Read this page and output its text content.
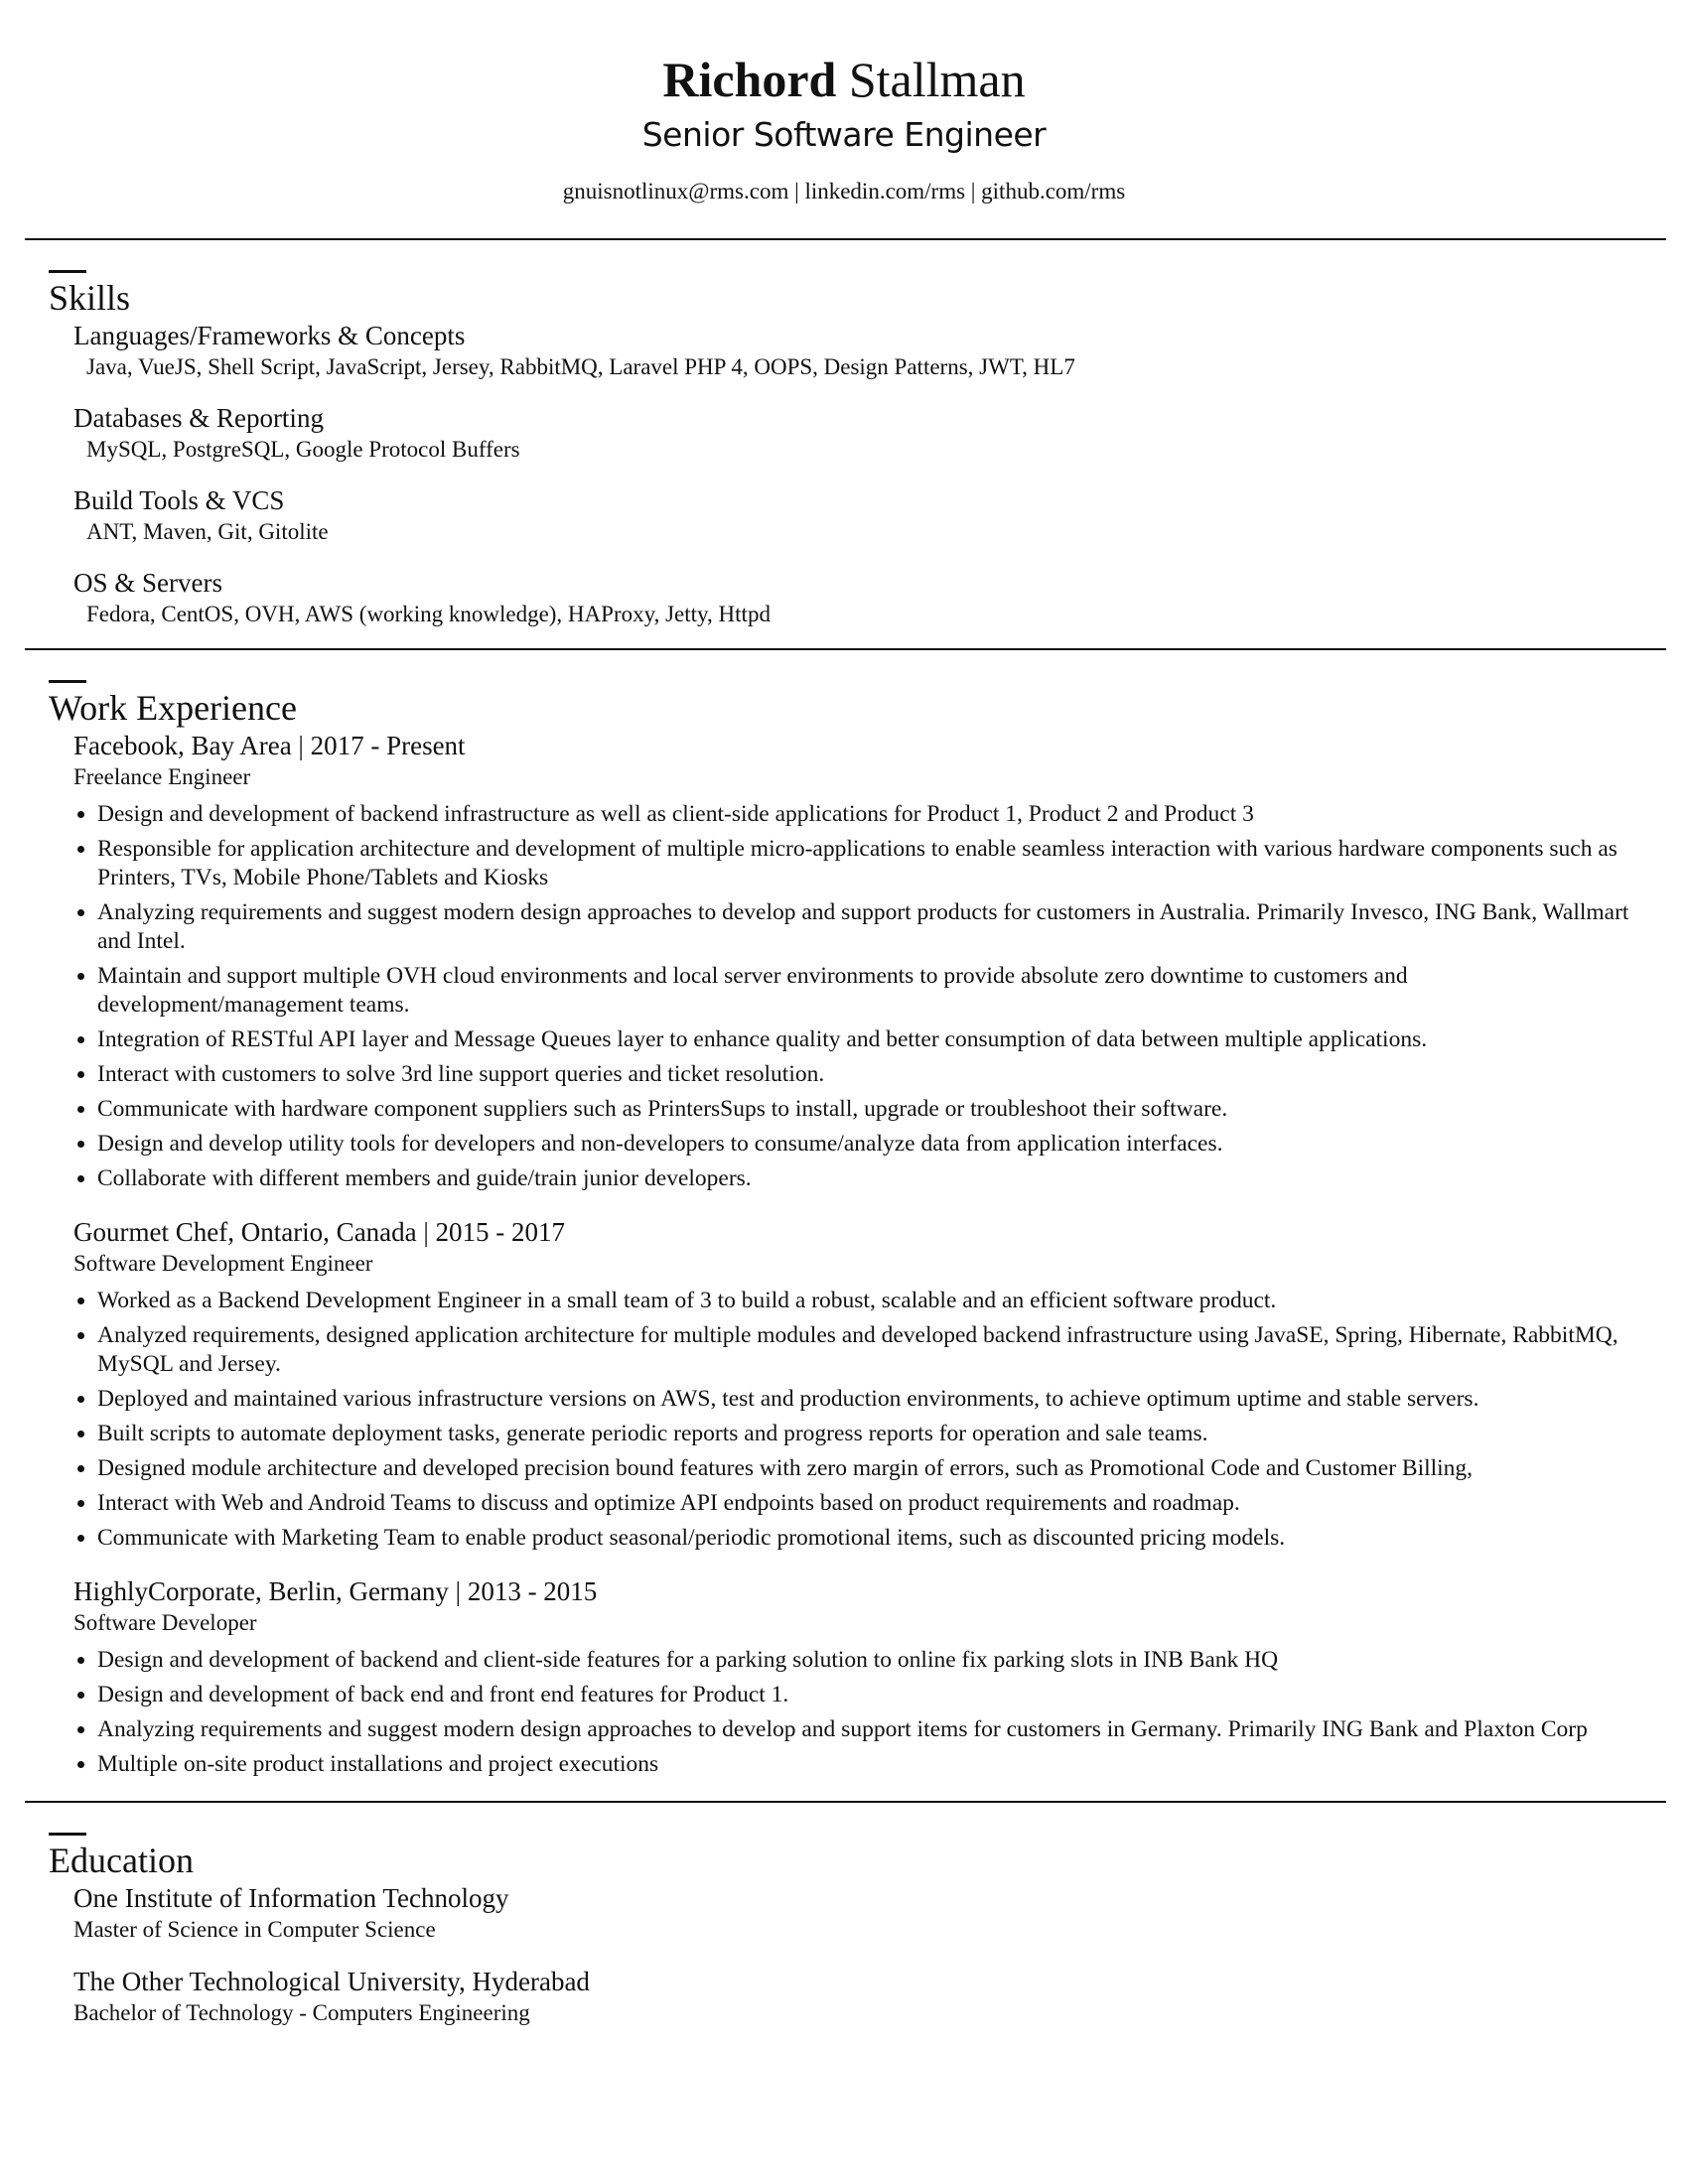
Richord Stallman
Senior Software Engineer
gnuisnotlinux@rms.com | linkedin.com/rms | github.com/rms
Skills
Languages/Frameworks & Concepts
Java, VueJS, Shell Script, JavaScript, Jersey, RabbitMQ, Laravel PHP 4, OOPS, Design Patterns, JWT, HL7
Databases & Reporting
MySQL, PostgreSQL, Google Protocol Buffers
Build Tools & VCS
ANT, Maven, Git, Gitolite
OS & Servers
Fedora, CentOS, OVH, AWS (working knowledge), HAProxy, Jetty, Httpd
Work Experience
Facebook, Bay Area | 2017 - Present
Freelance Engineer
• Design and development of backend infrastructure as well as client-side applications for Product 1, Product 2 and Product 3
• Responsible for application architecture and development of multiple micro-applications to enable seamless interaction with various hardware components such as Printers, TVs, Mobile Phone/Tablets and Kiosks
• Analyzing requirements and suggest modern design approaches to develop and support products for customers in Australia. Primarily Invesco, ING Bank, Wallmart and Intel.
• Maintain and support multiple OVH cloud environments and local server environments to provide absolute zero downtime to customers and development/management teams.
• Integration of RESTful API layer and Message Queues layer to enhance quality and better consumption of data between multiple applications.
• Interact with customers to solve 3rd line support queries and ticket resolution.
• Communicate with hardware component suppliers such as PrintersSups to install, upgrade or troubleshoot their software.
• Design and develop utility tools for developers and non-developers to consume/analyze data from application interfaces.
• Collaborate with different members and guide/train junior developers.
Gourmet Chef, Ontario, Canada | 2015 - 2017
Software Development Engineer
• Worked as a Backend Development Engineer in a small team of 3 to build a robust, scalable and an efficient software product.
• Analyzed requirements, designed application architecture for multiple modules and developed backend infrastructure using JavaSE, Spring, Hibernate, RabbitMQ, MySQL and Jersey.
• Deployed and maintained various infrastructure versions on AWS, test and production environments, to achieve optimum uptime and stable servers.
• Built scripts to automate deployment tasks, generate periodic reports and progress reports for operation and sale teams.
• Designed module architecture and developed precision bound features with zero margin of errors, such as Promotional Code and Customer Billing,
• Interact with Web and Android Teams to discuss and optimize API endpoints based on product requirements and roadmap.
• Communicate with Marketing Team to enable product seasonal/periodic promotional items, such as discounted pricing models.
HighlyCorporate, Berlin, Germany | 2013 - 2015
Software Developer
• Design and development of backend and client-side features for a parking solution to online fix parking slots in INB Bank HQ
• Design and development of back end and front end features for Product 1.
• Analyzing requirements and suggest modern design approaches to develop and support items for customers in Germany. Primarily ING Bank and Plaxton Corp
• Multiple on-site product installations and project executions
Education
One Institute of Information Technology
Master of Science in Computer Science
The Other Technological University, Hyderabad
Bachelor of Technology - Computers Engineering
